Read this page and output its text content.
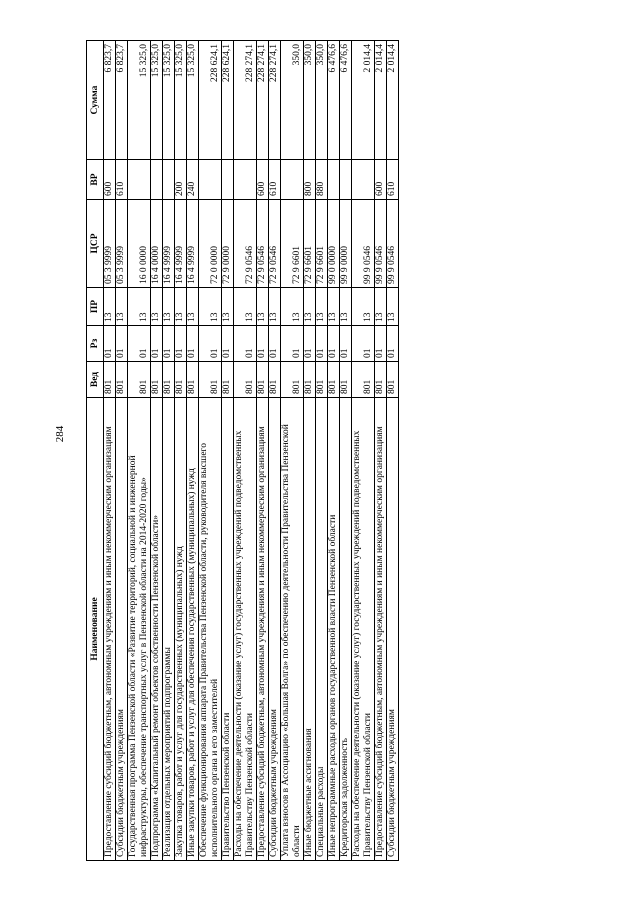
284
Наименование	Вед	Рз	ПР	ЦСР	ВР	Сумма
Предоставление субсидий бюджетным, автономным учреждениям и иным некоммерческим организациям	801	01	13	05 3 9999	600	6 823,7
Субсидии бюджетным учреждениям	801	01	13	05 3 9999	610	6 823,7
Государственная программа Пензенской области «Развитие территорий, социальной и инженерной инфраструктуры, обеспечение транспортных услуг в Пензенской области на 2014-2020 годы»	801	01	13	16 0 0000		15 325,0
Подпрограмма «Капитальный ремонт объектов собственности Пензенской области»	801	01	13	16 4 0000		15 325,0
Реализация отдельных мероприятий подпрограммы	801	01	13	16 4 9999		15 325,0
Закупка товаров, работ и услуг для государственных (муниципальных) нужд	801	01	13	16 4 9999	200	15 325,0
Иные закупки товаров, работ и услуг для обеспечения государственных (муниципальных) нужд	801	01	13	16 4 9999	240	15 325,0
Обеспечение функционирования аппарата Правительства Пензенской области, руководителя высшего исполнительного органа и его заместителей	801	01	13	72 0 0000		228 624,1
Правительство Пензенской области	801	01	13	72 9 0000		228 624,1
Расходы на обеспечение деятельности (оказание услуг) государственных учреждений подведомственных Правительству Пензенской области	801	01	13	72 9 0546		228 274,1
Предоставление субсидий бюджетным, автономным учреждениям и иным некоммерческим организациям	801	01	13	72 9 0546	600	228 274,1
Субсидии бюджетным учреждениям	801	01	13	72 9 0546	610	228 274,1
Уплата взносов в Ассоциацию «Большая Волга» по обеспечению деятельности Правительства Пензенской области	801	01	13	72 9 6601		350,0
Иные бюджетные ассигнования	801	01	13	72 9 6601	800	350,0
Специальные расходы	801	01	13	72 9 6601	880	350,0
Иные непрограммные расходы органов государственной власти Пензенской области	801	01	13	99 0 0000		6 476,6
Кредиторская задолженность	801	01	13	99 9 0000		6 476,6
Расходы на обеспечение деятельности (оказание услуг) государственных учреждений подведомственных Правительству Пензенской области	801	01	13	99 9 0546		2 014,4
Предоставление субсидий бюджетным, автономным учреждениям и иным некоммерческим организациям	801	01	13	99 9 0546	600	2 014,4
Субсидии бюджетным учреждениям	801	01	13	99 9 0546	610	2 014,4
